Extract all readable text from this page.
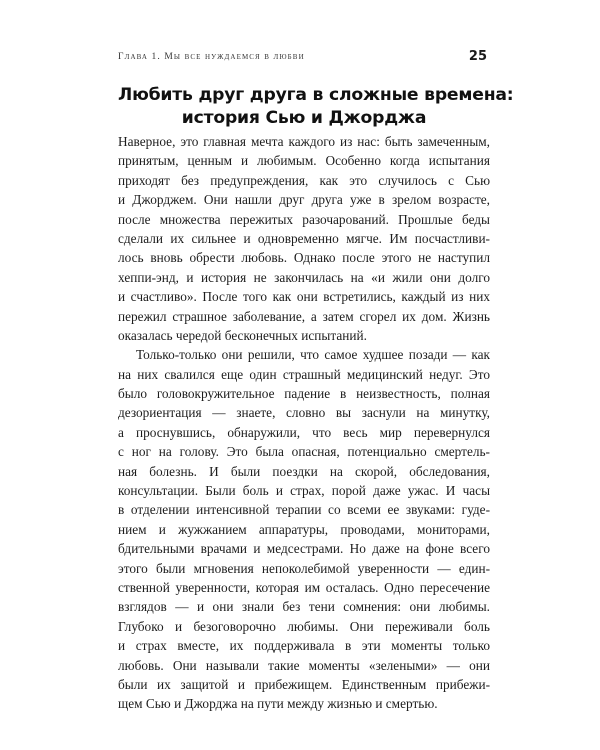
Глава 1. Мы все нуждаемся в любви	25
Любить друг друга в сложные времена:
история Сью и Джорджа

Наверное, это главная мечта каждого из нас: быть замеченным,
принятым, ценным и любимым. Особенно когда испытания
приходят без предупреждения, как это случилось с Сью
и Джорджем. Они нашли друг друга уже в зрелом возрасте,
после множества пережитых разочарований. Прошлые беды
сделали их сильнее и одновременно мягче. Им посчастливи-
лось вновь обрести любовь. Однако после этого не наступил
хеппи-энд, и история не закончилась на «и жили они долго
и счастливо». После того как они встретились, каждый из них
пережил страшное заболевание, а затем сгорел их дом. Жизнь
оказалась чередой бесконечных испытаний.

Только-только они решили, что самое худшее позади — как
на них свалился еще один страшный медицинский недуг. Это
было головокружительное падение в неизвестность, полная
дезориентация — знаете, словно вы заснули на минутку,
а проснувшись, обнаружили, что весь мир перевернулся
с ног на голову. Это была опасная, потенциально смертель-
ная болезнь. И были поездки на скорой, обследования,
консультации. Были боль и страх, порой даже ужас. И часы
в отделении интенсивной терапии со всеми ее звуками: гуде-
нием и жужжанием аппаратуры, проводами, мониторами,
бдительными врачами и медсестрами. Но даже на фоне всего
этого были мгновения непоколебимой уверенности — един-
ственной уверенности, которая им осталась. Одно пересечение
взглядов — и они знали без тени сомнения: они любимы.
Глубоко и безоговорочно любимы. Они переживали боль
и страх вместе, их поддерживала в эти моменты только
любовь. Они называли такие моменты «зелеными» — они
были их защитой и прибежищем. Единственным прибежи-
щем Сью и Джорджа на пути между жизнью и смертью.
